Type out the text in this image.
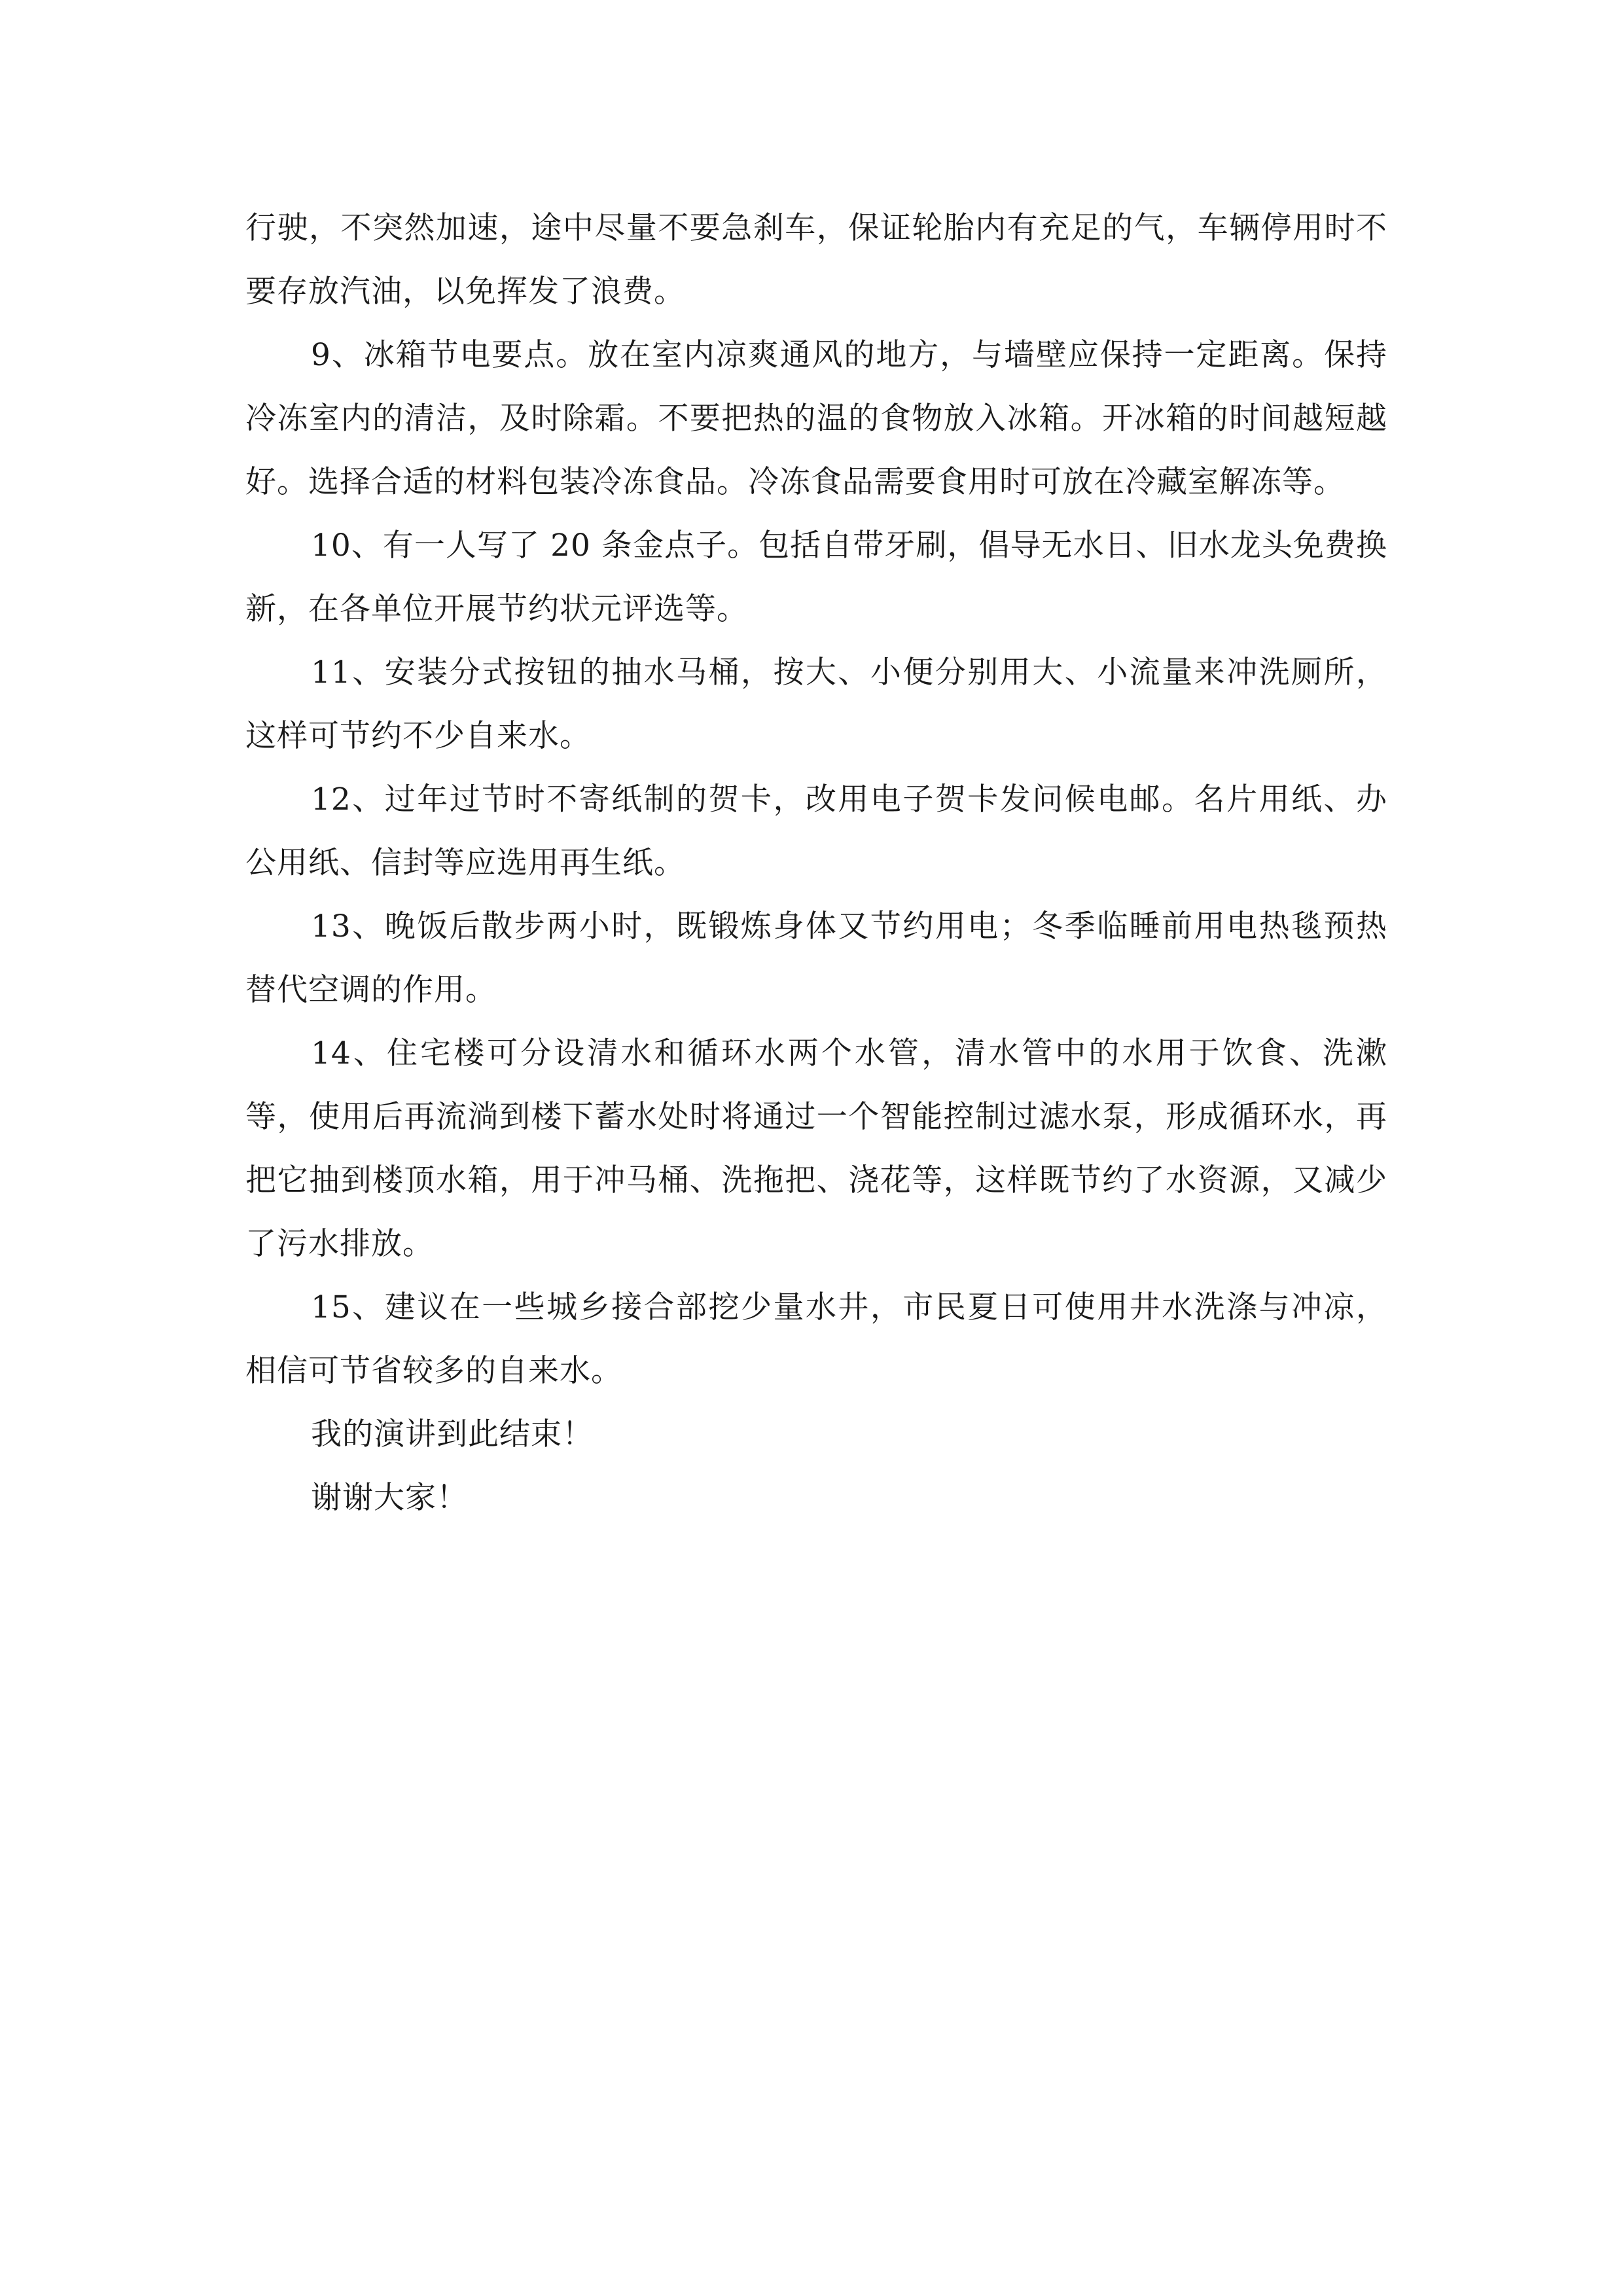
行驶，不突然加速，途中尽量不要急刹车，保证轮胎内有充足的气，车辆停用时不要存放汽油，以免挥发了浪费。

9、冰箱节电要点。放在室内凉爽通风的地方，与墙壁应保持一定距离。保持冷冻室内的清洁，及时除霜。不要把热的温的食物放入冰箱。开冰箱的时间越短越好。选择合适的材料包装冷冻食品。冷冻食品需要食用时可放在冷藏室解冻等。

10、有一人写了 20 条金点子。包括自带牙刷，倡导无水日、旧水龙头免费换新，在各单位开展节约状元评选等。

11、安装分式按钮的抽水马桶，按大、小便分别用大、小流量来冲洗厕所，这样可节约不少自来水。

12、过年过节时不寄纸制的贺卡，改用电子贺卡发问候电邮。名片用纸、办公用纸、信封等应选用再生纸。

13、晚饭后散步两小时，既锻炼身体又节约用电；冬季临睡前用电热毯预热替代空调的作用。

14、住宅楼可分设清水和循环水两个水管，清水管中的水用于饮食、洗漱等，使用后再流淌到楼下蓄水处时将通过一个智能控制过滤水泵，形成循环水，再把它抽到楼顶水箱，用于冲马桶、洗拖把、浇花等，这样既节约了水资源，又减少了污水排放。

15、建议在一些城乡接合部挖少量水井，市民夏日可使用井水洗涤与冲凉，相信可节省较多的自来水。

我的演讲到此结束！

谢谢大家！
